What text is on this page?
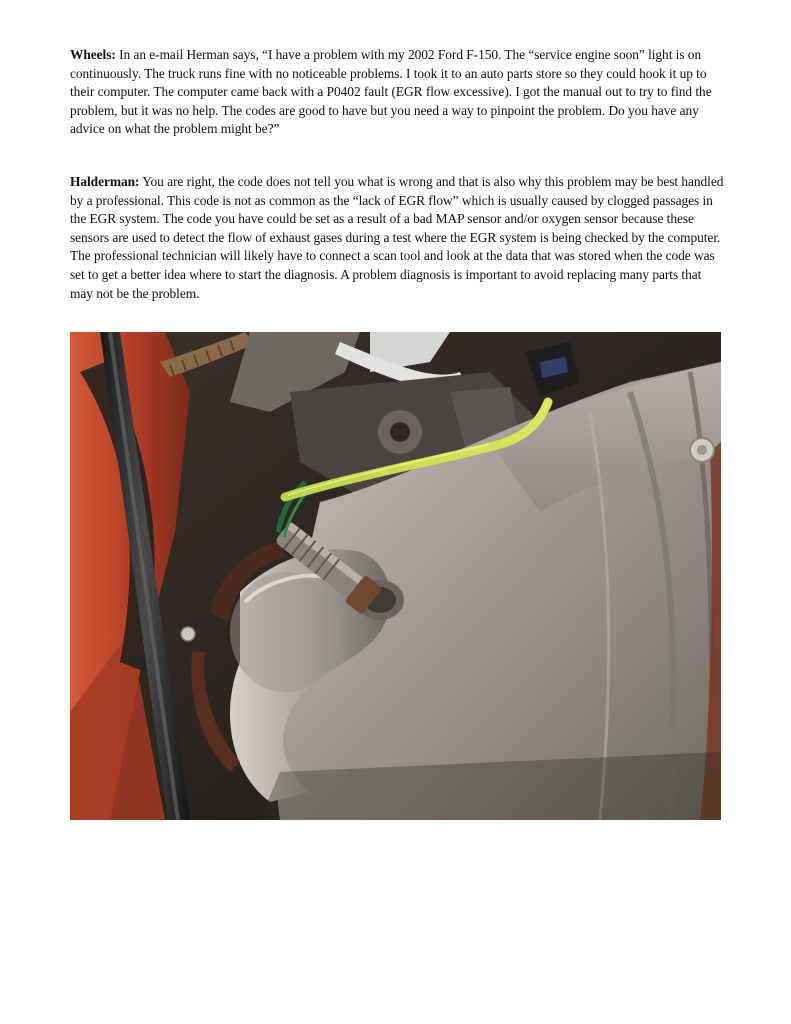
Wheels: In an e-mail Herman says, “I have a problem with my 2002 Ford F-150. The “service engine soon” light is on continuously. The truck runs fine with no noticeable problems. I took it to an auto parts store so they could hook it up to their computer. The computer came back with a P0402 fault (EGR flow excessive). I got the manual out to try to find the problem, but it was no help. The codes are good to have but you need a way to pinpoint the problem. Do you have any advice on what the problem might be?”

Halderman: You are right, the code does not tell you what is wrong and that is also why this problem may be best handled by a professional. This code is not as common as the “lack of EGR flow” which is usually caused by clogged passages in the EGR system. The code you have could be set as a result of a bad MAP sensor and/or oxygen sensor because these sensors are used to detect the flow of exhaust gases during a test where the EGR system is being checked by the computer. The professional technician will likely have to connect a scan tool and look at the data that was stored when the code was set to get a better idea where to start the diagnosis. A problem diagnosis is important to avoid replacing many parts that may not be the problem.
